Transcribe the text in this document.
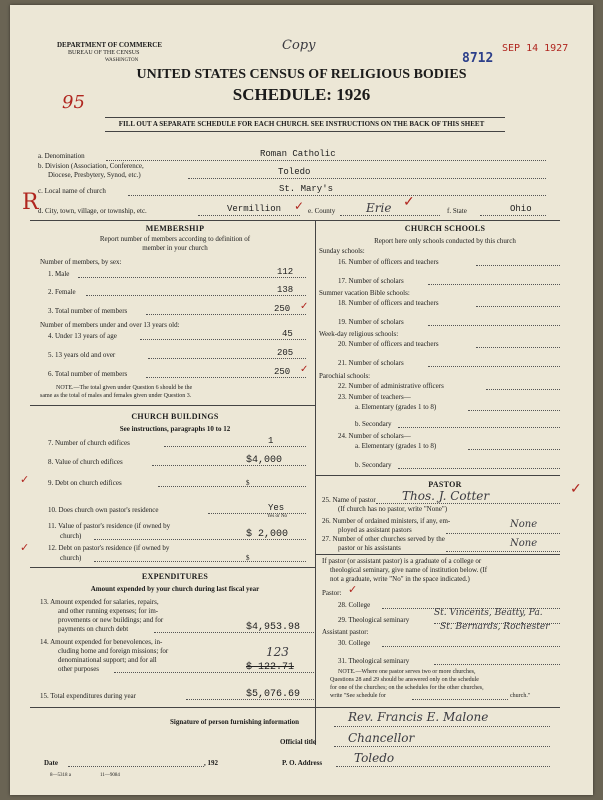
DEPARTMENT OF COMMERCE
BUREAU OF THE CENSUS
WASHINGTON
Copy
8712
SEP 14 1927
UNITED STATES CENSUS OF RELIGIOUS BODIES
SCHEDULE: 1926
95
FILL OUT A SEPARATE SCHEDULE FOR EACH CHURCH. SEE INSTRUCTIONS ON THE BACK OF THIS SHEET
a. Denomination	Roman Catholic
b. Division (Association, Conference,
Diocese, Presbytery, Synod, etc.)	Toledo
R c. Local name of church	St. Mary's
d. City, town, village, or township, etc.	Vermillion ✓ e. County	Erie ✓
f. State	Ohio
MEMBERSHIP
Report number of members according to definition of
member in your church
Number of members, by sex:
1. Male	112
2. Female	138
3. Total number of members	250 ✓
Number of members under and over 13 years old:
4. Under 13 years of age	45
5. 13 years old and over	205
6. Total number of members	250 ✓
NOTE.—The total given under Question 6 should be the
same as the total of males and females given under Question 3.
CHURCH BUILDINGS
See instructions, paragraphs 10 to 12
7. Number of church edifices	1
8. Value of church edifices	$4,000
✓	9. Debt on church edifices	$
10. Does church own pastor's residence	Yes
Yes or No
11. Value of pastor's residence (if owned by
church)	$ 2,000
✓	12. Debt on pastor's residence (if owned by
church)	$
EXPENDITURES
Amount expended by your church during last fiscal year
13. Amount expended for salaries, repairs,
and other running expenses; for im-
provements or new buildings; and for
payments on church debt	$4,953.98
14. Amount expended for benevolences, in-
cluding home and foreign missions; for
denominational support; and for all
other purposes	$ 122.71
123
15. Total expenditures during year	$5,076.69
CHURCH SCHOOLS
Report here only schools conducted by this church
Sunday schools:
16. Number of officers and teachers
17. Number of scholars
Summer vacation Bible schools:
18. Number of officers and teachers
19. Number of scholars
Week-day religious schools:
20. Number of officers and teachers
21. Number of scholars
Parochial schools:
22. Number of administrative officers
23. Number of teachers—
a. Elementary (grades 1 to 8)
b. Secondary
24. Number of scholars—
a. Elementary (grades 1 to 8)
b. Secondary
PASTOR
25. Name of pastor Thos. J. Cotter	✓
(If church has no pastor, write "None")
26. Number of ordained ministers, if any, em-
ployed as assistant pastors	None
27. Number of other churches served by the
pastor or his assistants	None
If pastor (or assistant pastor) is a graduate of a college or
theological seminary, give name of institution below. (If
not a graduate, write "No" in the space indicated.)
Pastor: ✓
28. College
29. Theological seminary
St. Vincents, Beatty, Pa.
St. Bernards, Rochester
Assistant pastor:
30. College
31. Theological seminary
NOTE.—Where one pastor serves two or more churches,
Questions 28 and 29 should be answered only on the schedule
for one of the churches; on the schedules for the other churches,
write "See schedule for	church."
Signature of person furnishing information	Rev. Francis E. Malone
Official title	Chancellor
Date	, 192	P. O. Address	Toledo
8—5318 a	11—9084
